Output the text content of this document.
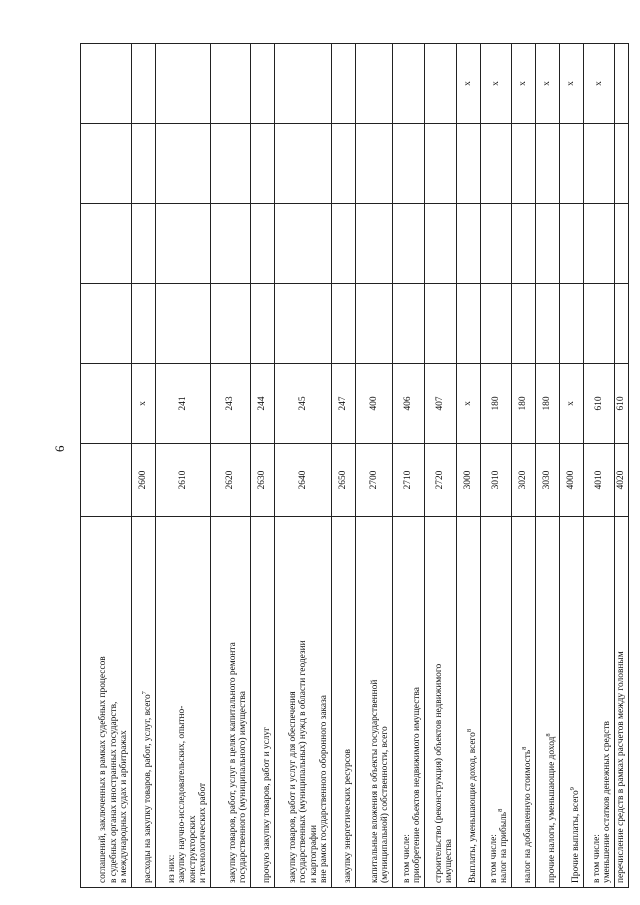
6
соглашений, заключенных в рамках судебных процессов в судебных органах иностранных государств, в международных судах и арбитражах						

расходы на закупку товаров, работ, услуг, всего$^7$	2600	x				

из них: закупку научно-исследовательских, опытно- конструкторских и технологических работ	2610	241				

закупку товаров, работ, услуг в целях капитального ремонта государственного (муниципального) имущества	2620	243				

прочую закупку товаров, работ и услуг	2630	244				

закупку товаров, работ и услуг для обеспечения государственных (муниципальных) нужд в области геодезии и картографии вне рамок государственного оборонного заказа	2640	245				

закупку энергетических ресурсов	2650	247				

капитальные вложения в объекты государственной (муниципальной) собственности, всего	2700	400				

в том числе: приобретение объектов недвижимого имущества	2710	406				

строительство (реконструкция) объектов недвижимого имущества	2720	407				

Выплаты, уменьшающие доход, всего$^8$	3000	x				x

в том числе: налог на прибыль$^8$	3010	180				x

налог на добавленную стоимость$^8$	3020	180				x

прочие налоги, уменьшающие доход$^8$	3030	180				x

Прочие выплаты, всего$^9$	4000	x				x

в том числе: уменьшение остатков денежных средств	4010	610				x

перечисление средств в рамках расчетов между головным	4020	610				
